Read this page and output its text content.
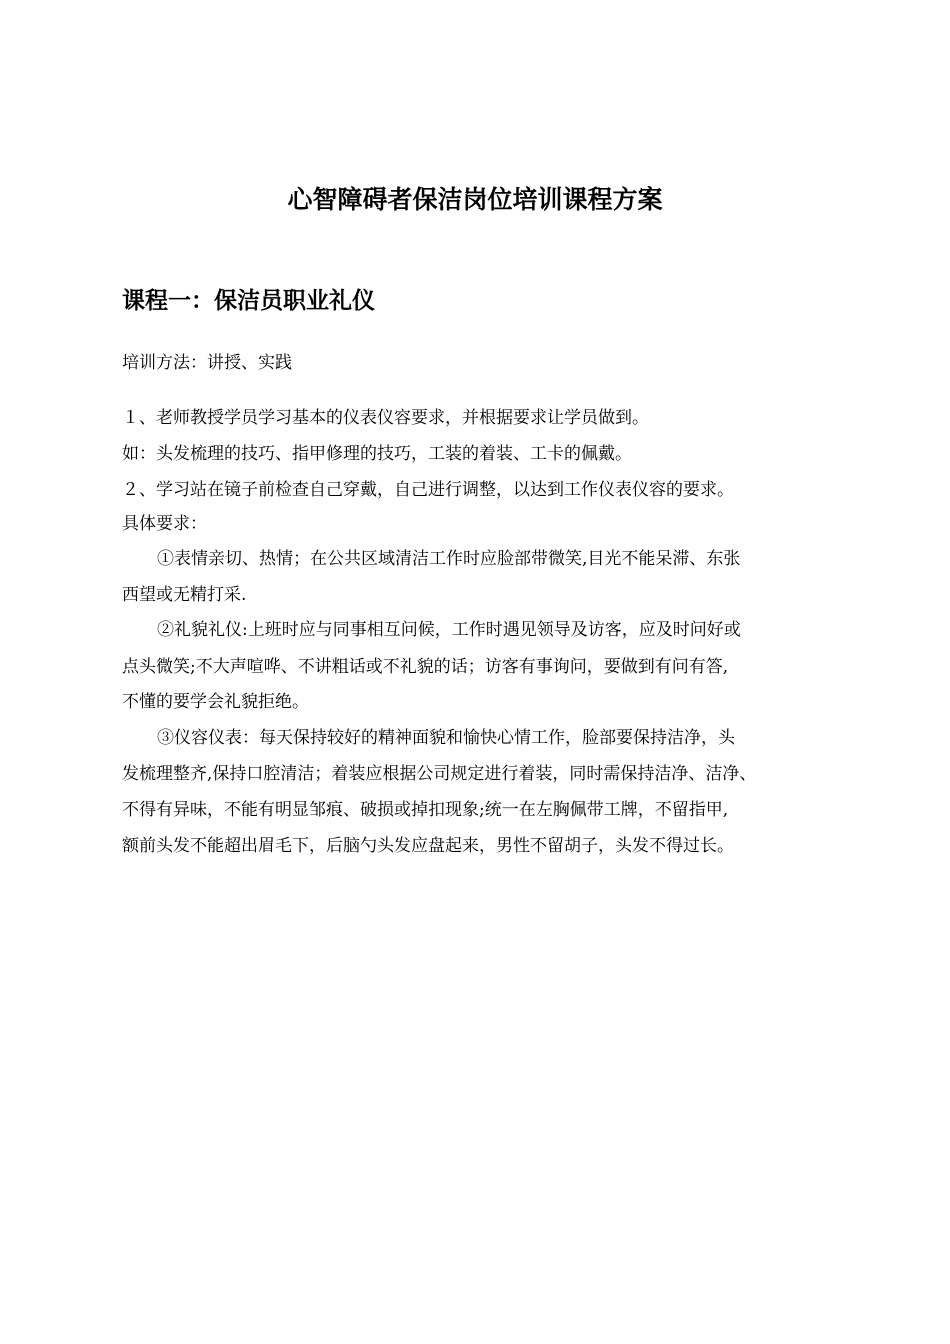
心智障碍者保洁岗位培训课程方案
课程一：保洁员职业礼仪

培训方法：讲授、实践

１、老师教授学员学习基本的仪表仪容要求，并根据要求让学员做到。

如：头发梳理的技巧、指甲修理的技巧，工装的着装、工卡的佩戴。

２、学习站在镜子前检查自己穿戴，自己进行调整，以达到工作仪表仪容的要求。

具体要求：

①表情亲切、热情；在公共区域清洁工作时应脸部带微笑,目光不能呆滞、东张

西望或无精打采.

②礼貌礼仪:上班时应与同事相互问候，工作时遇见领导及访客，应及时问好或

点头微笑;不大声喧哗、不讲粗话或不礼貌的话；访客有事询问，要做到有问有答,

不懂的要学会礼貌拒绝。

③仪容仪表：每天保持较好的精神面貌和愉快心情工作，脸部要保持洁净，头

发梳理整齐,保持口腔清洁；着装应根据公司规定进行着装，同时需保持洁净、洁净、

不得有异味，不能有明显邹痕、破损或掉扣现象;统一在左胸佩带工牌，不留指甲,

额前头发不能超出眉毛下，后脑勺头发应盘起来，男性不留胡子，头发不得过长。
